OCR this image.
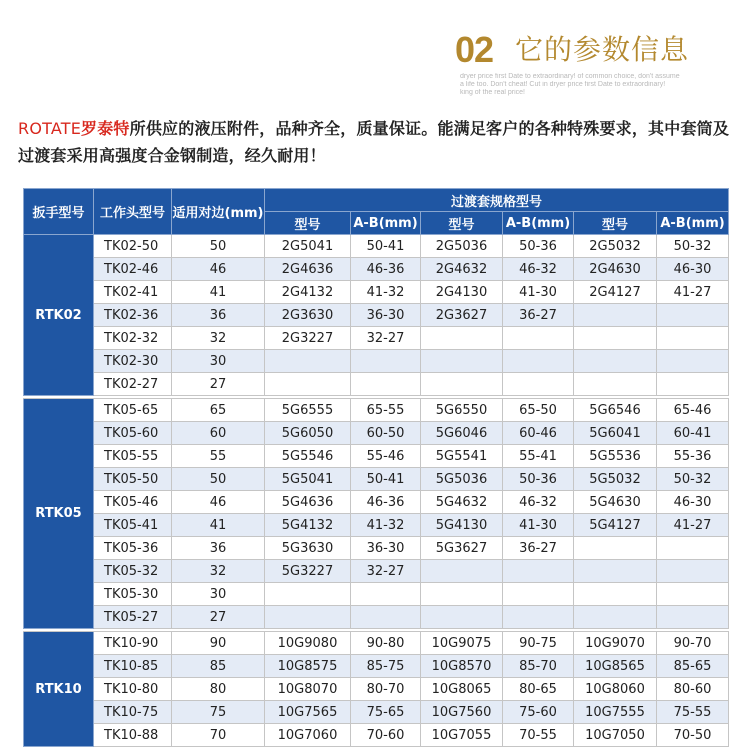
02 它的参数信息
dryer price first Date to extraordinary! of common choice, don't assume
a life too. Don't cheat! Cut in dryer price first Date to extraordinary!
king of the real price!
ROTATE罗泰特所供应的液压附件，品种齐全，质量保证。能满足客户的各种特殊要求，其中套筒及过渡套采用高强度合金钢制造，经久耐用！
扳手型号	工作头型号	适用对边(mm)	过渡套规格型号					
			型号	A-B(mm)	型号	A-B(mm)	型号	A-B(mm)
RTK02	TK02-50	50	2G5041	50-41	2G5036	50-36	2G5032	50-32
	TK02-46	46	2G4636	46-36	2G4632	46-32	2G4630	46-30
	TK02-41	41	2G4132	41-32	2G4130	41-30	2G4127	41-27
	TK02-36	36	2G3630	36-30	2G3627	36-27		
	TK02-32	32	2G3227	32-27				
	TK02-30	30						
	TK02-27	27						

RTK05	TK05-65	65	5G6555	65-55	5G6550	65-50	5G6546	65-46
	TK05-60	60	5G6050	60-50	5G6046	60-46	5G6041	60-41
	TK05-55	55	5G5546	55-46	5G5541	55-41	5G5536	55-36
	TK05-50	50	5G5041	50-41	5G5036	50-36	5G5032	50-32
	TK05-46	46	5G4636	46-36	5G4632	46-32	5G4630	46-30
	TK05-41	41	5G4132	41-32	5G4130	41-30	5G4127	41-27
	TK05-36	36	5G3630	36-30	5G3627	36-27		
	TK05-32	32	5G3227	32-27				
	TK05-30	30						
	TK05-27	27						

RTK10	TK10-90	90	10G9080	90-80	10G9075	90-75	10G9070	90-70
	TK10-85	85	10G8575	85-75	10G8570	85-70	10G8565	85-65
	TK10-80	80	10G8070	80-70	10G8065	80-65	10G8060	80-60
	TK10-75	75	10G7565	75-65	10G7560	75-60	10G7555	75-55
	TK10-88	70	10G7060	70-60	10G7055	70-55	10G7050	70-50
